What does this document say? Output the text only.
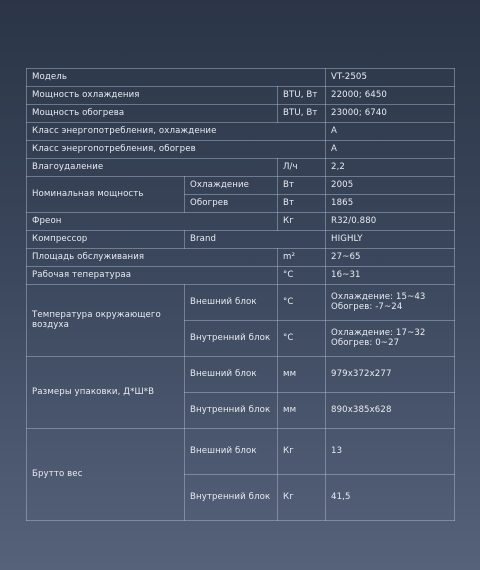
Модель			VT-2505
Мощность охлаждения		BTU, Вт	22000; 6450
Мощность обогрева		BTU, Вт	23000; 6740
Класс энергопотребления, охлаждение			A
Класс энергопотребления, обогрев			A
Влагоудаление		Л/ч	2,2
Номинальная мощность	Охлаждение	Вт	2005
	Обогрев	Вт	1865
Фреон		Кг	R32/0.880
Компрессор	Brand		HIGHLY
Площадь обслуживания		m²	27~65
Рабочая теператураа		°C	16~31
Температура окружающего воздуха	Внешний блок	°C	Охлаждение: 15~43
Обогрев: -7~24

	Внутренний блок	°C	Охлаждение: 17~32
Обогрев: 0~27

Размеры упаковки, Д*Ш*В	Внешний блок	мм	979x372x277
	Внутренний блок	мм	890x385x628
Брутто вес	Внешний блок	Кг	13
	Внутренний блок	Кг	41,5
